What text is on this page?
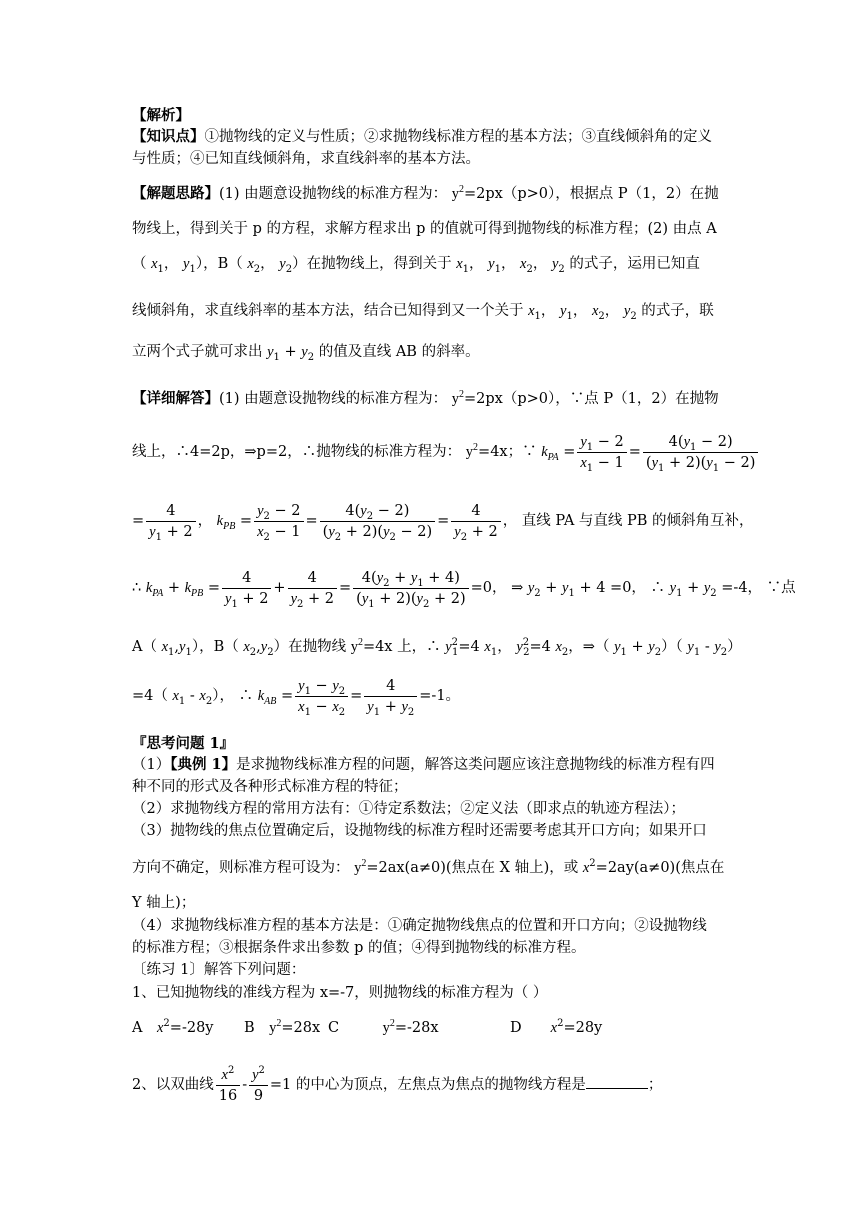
【解析】
【知识点】①抛物线的定义与性质；②求抛物线标准方程的基本方法；③直线倾斜角的定义
与性质；④已知直线倾斜角，求直线斜率的基本方法。
【解题思路】(1) 由题意设抛物线的标准方程为： $y^2=2px(p>0)$，根据点 P（1，2）在抛
物线上，得到关于 p 的方程，求解方程求出 p 的值就可得到抛物线的标准方程；(2) 由点 A
（ $x_1$， $y_1$），B（ $x_2$， $y_2$）在抛物线上，得到关于 $x_1$， $y_1$， $x_2$， $y_2$ 的式子，运用已知直
线倾斜角，求直线斜率的基本方法，结合已知得到又一个关于 $x_1$， $y_1$， $x_2$， $y_2$ 的式子，联
立两个式子就可求出 $y_1 + y_2$ 的值及直线 AB 的斜率。
【详细解答】(1) 由题意设抛物线的标准方程为： $y^2=2px(p>0)$，∵点 P（1，2）在抛物
线上，∴4=2p，⇒p=2，∴抛物线的标准方程为： $y^2=4x$；∵ $k_{PA} = \frac{y_1 - 2}{x_1 - 1} = \frac{4(y_1 - 2)}{(y_1 + 2)(y_1 - 2)}$
= $\frac{4}{y_1 + 2}$ ， $k_{PB} = \frac{y_2 - 2}{x_2 - 1} = \frac{4(y_2 - 2)}{(y_2 + 2)(y_2 - 2)} = \frac{4}{y_2 + 2}$ ， 直线 PA 与直线 PB 的倾斜角互补，
∴ $k_{PA} + k_{PB} = \frac{4}{y_1 + 2} + \frac{4}{y_2 + 2} = \frac{4(y_2 + y_1 + 4)}{(y_1 + 2)(y_2 + 2)} =0$， ⇒ $y_2 + y_1 + 4 =0$， ∴ $y_1 + y_2 =-4$， ∵点
A（ $x_1,y_1$），B（ $x_2,y_2$）在抛物线 $y^2=4x$ 上，∴ $y^2_1=4$ $x_1$， $y^2_2=4$ $x_2$，⇒（ $y_1 + y_2$）（ $y_1 - y_2$）
=4（ $x_1 - x_2$）， ∴ $k_{AB} = \frac{y_1 - y_2}{x_1 - x_2} = \frac{4}{y_1 + y_2} =-1$。
『思考问题 1』
（1）【典例 1】是求抛物线标准方程的问题，解答这类问题应该注意抛物线的标准方程有四
种不同的形式及各种形式标准方程的特征；
（2）求抛物线方程的常用方法有：①待定系数法；②定义法（即求点的轨迹方程法）；
（3）抛物线的焦点位置确定后，设抛物线的标准方程时还需要考虑其开口方向；如果开口
方向不确定，则标准方程可设为： $y^2=2ax(a\ne 0)$(焦点在 X 轴上)，或 $x^2=2ay(a\ne 0)$(焦点在
Y 轴上)；
（4）求抛物线标准方程的基本方法是：①确定抛物线焦点的位置和开口方向；②设抛物线
的标准方程；③根据条件求出参数 p 的值；④得到抛物线的标准方程。
〔练习 1〕解答下列问题：
1、已知抛物线的准线方程为 x=-7，则抛物线的标准方程为（ ）
A　$x^2=-28y$ B　$y^2=28x$ C　　　$y^2=-28x$	D　　$x^2=28y$
2、以双曲线 $\frac{x^2}{16} - \frac{y^2}{9} =1$ 的中心为顶点，左焦点为焦点的抛物线方程是	；
